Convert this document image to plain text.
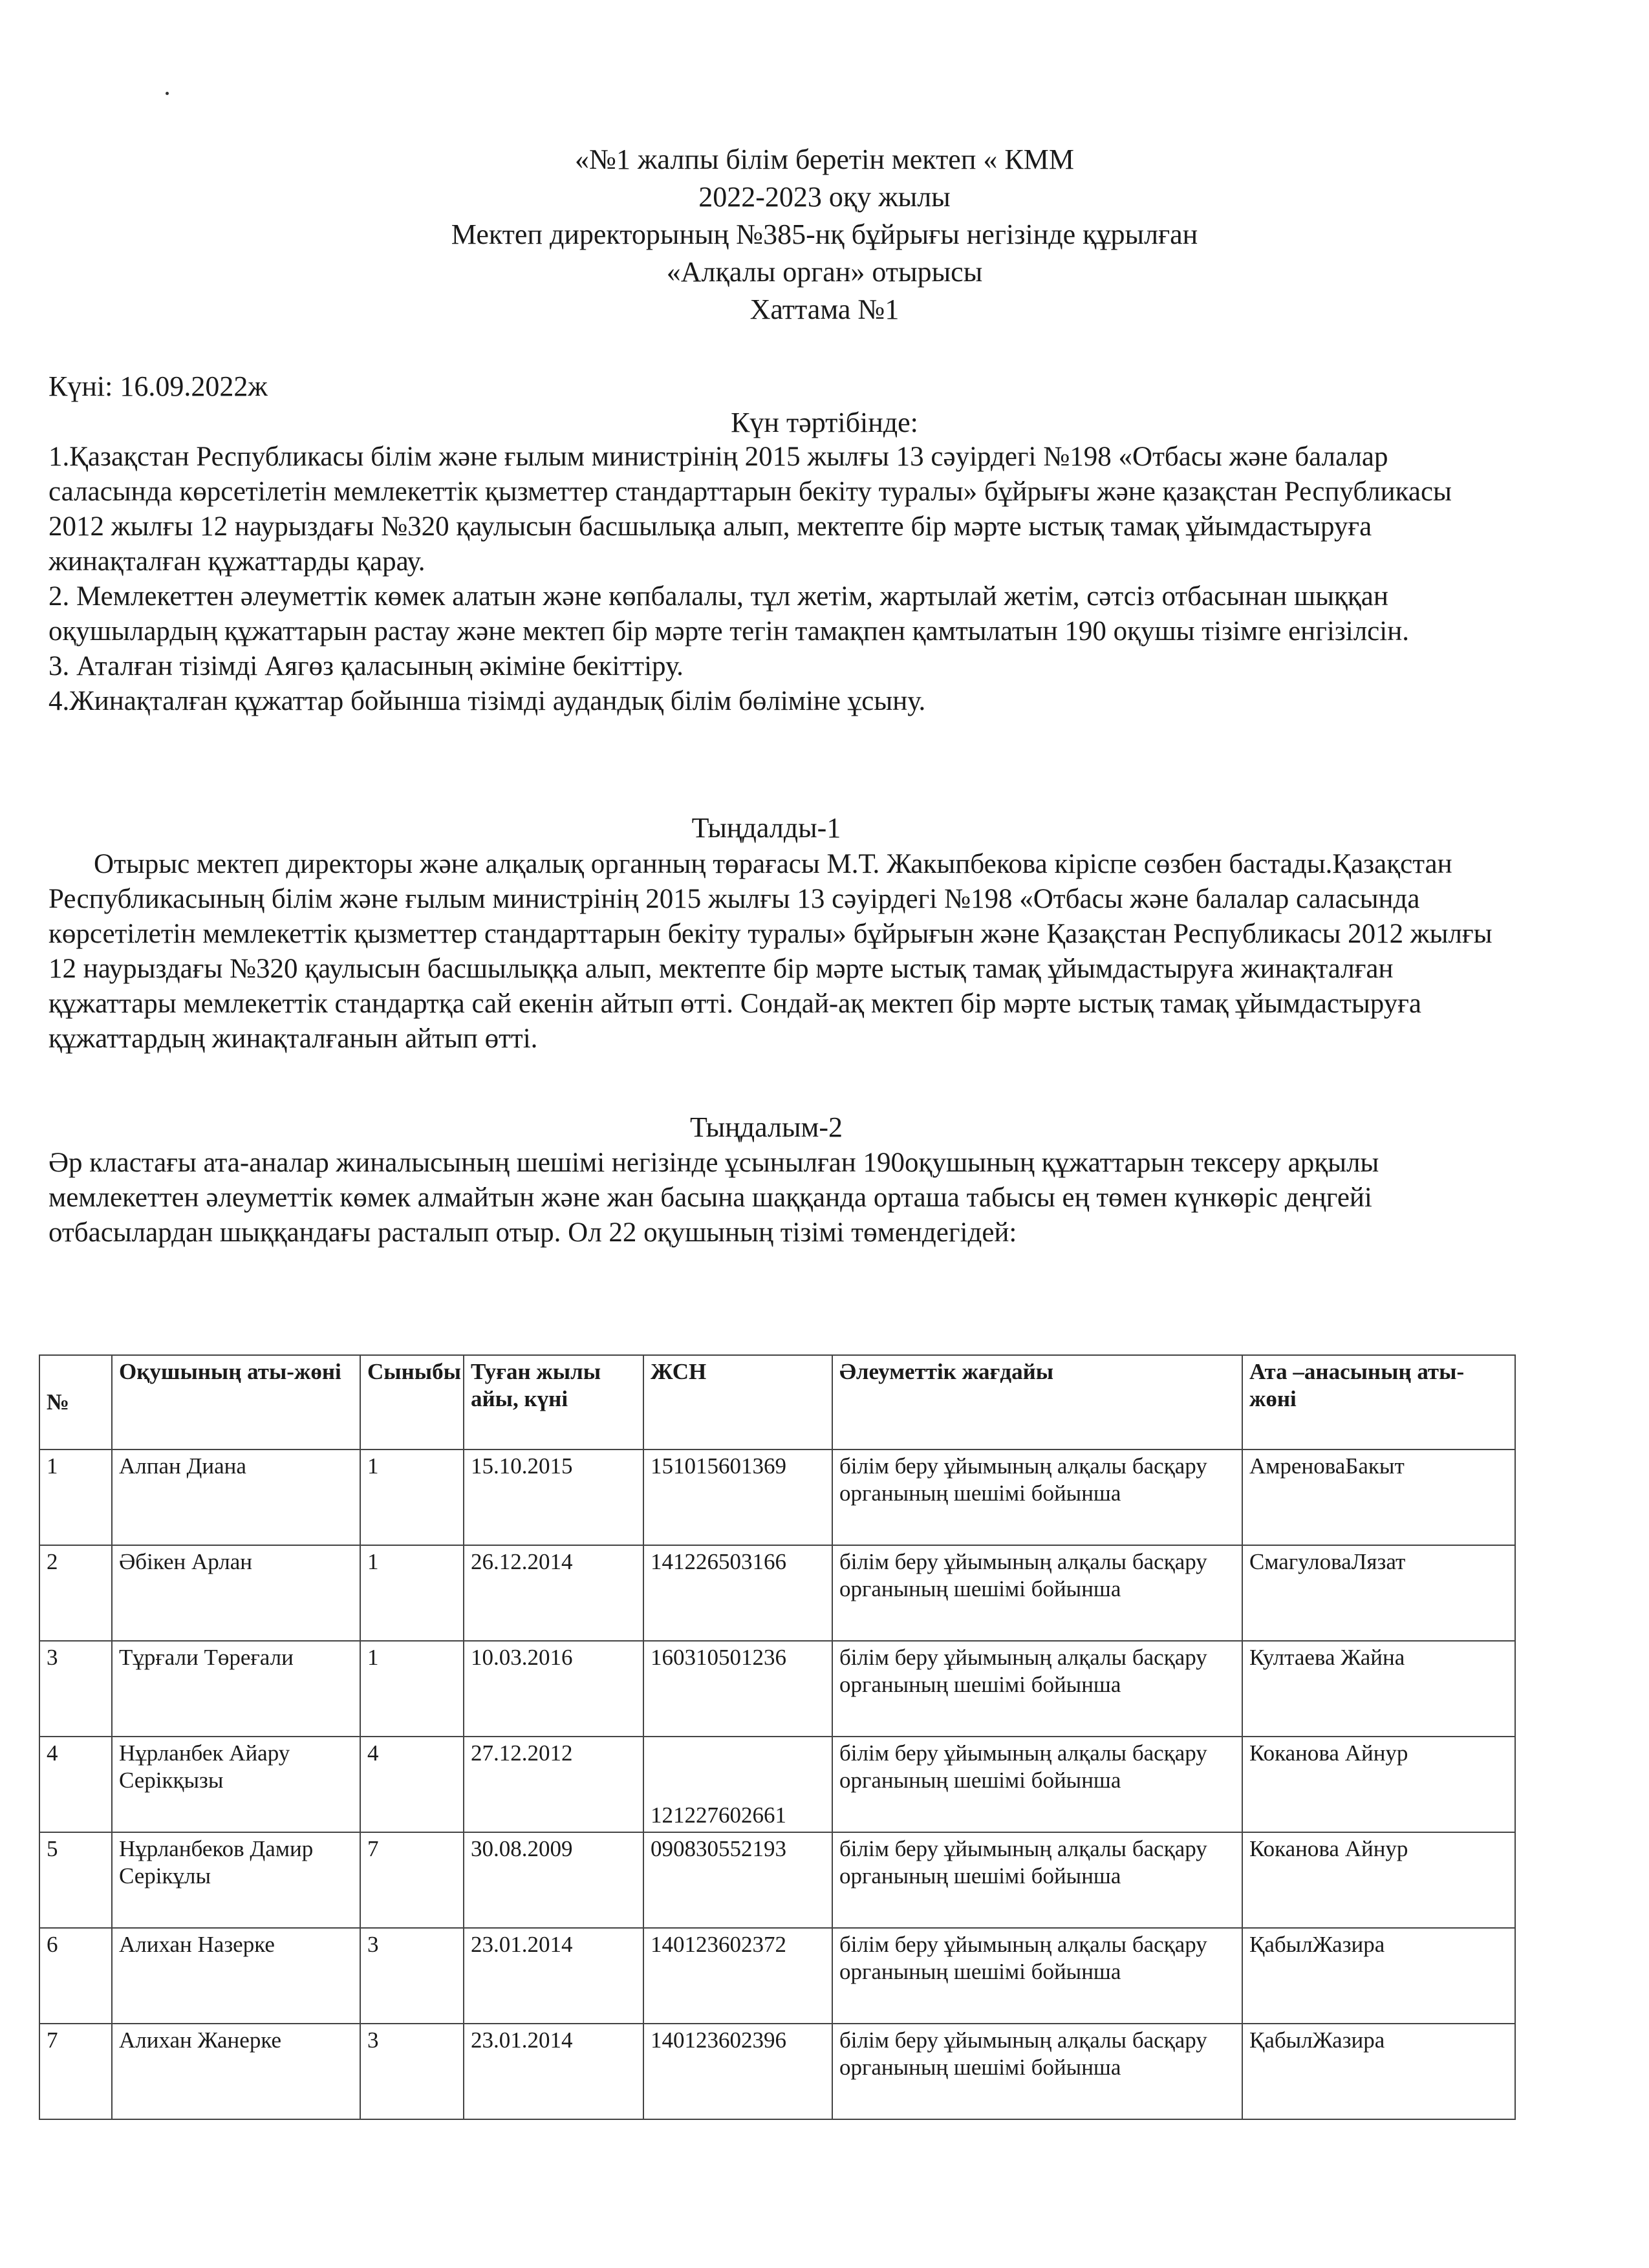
«№1 жалпы білім беретін мектеп « КММ
2022-2023 оқу жылы
Мектеп директорының №385-нқ бұйрығы негізінде құрылған
«Алқалы орган» отырысы
Хаттама №1
Күні: 16.09.2022ж
Күн тәртібінде:

1.Қазақстан Республикасы білім және ғылым министрінің 2015 жылғы 13 сәуірдегі №198 «Отбасы және балалар саласында көрсетілетін мемлекеттік қызметтер стандарттарын бекіту туралы» бұйрығы және қазақстан Республикасы 2012 жылғы 12 наурыздағы №320 қаулысын басшылықа алып, мектепте бір мәрте ыстық тамақ ұйымдастыруға жинақталған құжаттарды қарау.

2. Мемлекеттен әлеуметтік көмек алатын және көпбалалы, тұл жетім, жартылай жетім, сәтсіз отбасынан шыққан оқушылардың құжаттарын растау және мектеп бір мәрте тегін тамақпен қамтылатын 190 оқушы тізімге енгізілсін.

3. Аталған тізімді Аягөз қаласының әкіміне бекіттіру.

4.Жинақталған құжаттар бойынша тізімді аудандық білім бөліміне ұсыну.

Тыңдалды-1

Отырыс мектеп директоры және алқалық органның төрағасы М.Т. Жакыпбекова кіріспе сөзбен бастады.Қазақстан Республикасының білім және ғылым министрінің 2015 жылғы 13 сәуірдегі №198 «Отбасы және балалар саласында көрсетілетін мемлекеттік қызметтер стандарттарын бекіту туралы» бұйрығын және Қазақстан Республикасы 2012 жылғы 12 наурыздағы №320 қаулысын басшылыққа алып, мектепте бір мәрте ыстық тамақ ұйымдастыруға жинақталған құжаттары мемлекеттік стандартқа сай екенін айтып өтті. Сондай-ақ мектеп бір мәрте ыстық тамақ ұйымдастыруға құжаттардың жинақталғанын айтып өтті.

Тыңдалым-2

Әр кластағы ата-аналар жиналысының шешімі негізінде ұсынылған 190оқушының құжаттарын тексеру арқылы мемлекеттен әлеуметтік көмек алмайтын және жан басына шаққанда орташа табысы ең төмен күнкөріс деңгейі отбасылардан шыққандағы расталып отыр. Ол 22 оқушының тізімі төмендегідей:

№	Оқушының аты-жөні	Сыныбы	Туған жылы айы, күні	ЖСН	Әлеуметтік жағдайы	Ата –анасының аты-жөні
1	Алпан Диана	1	15.10.2015	151015601369	білім беру ұйымының алқалы басқару органының шешімі бойынша	АмреноваБакыт
2	Әбікен Арлан	1	26.12.2014	141226503166	білім беру ұйымының алқалы басқару органының шешімі бойынша	СмагуловаЛязат
3	Тұрғали Төреғали	1	10.03.2016	160310501236	білім беру ұйымының алқалы басқару органының шешімі бойынша	Култаева Жайна
4	Нұрланбек Айару Серікқызы	4	27.12.2012	121227602661	білім беру ұйымының алқалы басқару органының шешімі бойынша	Коканова Айнур
5	Нұрланбеков Дамир Серікұлы	7	30.08.2009	090830552193	білім беру ұйымының алқалы басқару органының шешімі бойынша	Коканова Айнур
6	Алихан Назерке	3	23.01.2014	140123602372	білім беру ұйымының алқалы басқару органының шешімі бойынша	ҚабылЖазира
7	Алихан Жанерке	3	23.01.2014	140123602396	білім беру ұйымының алқалы басқару органының шешімі бойынша	ҚабылЖазира
